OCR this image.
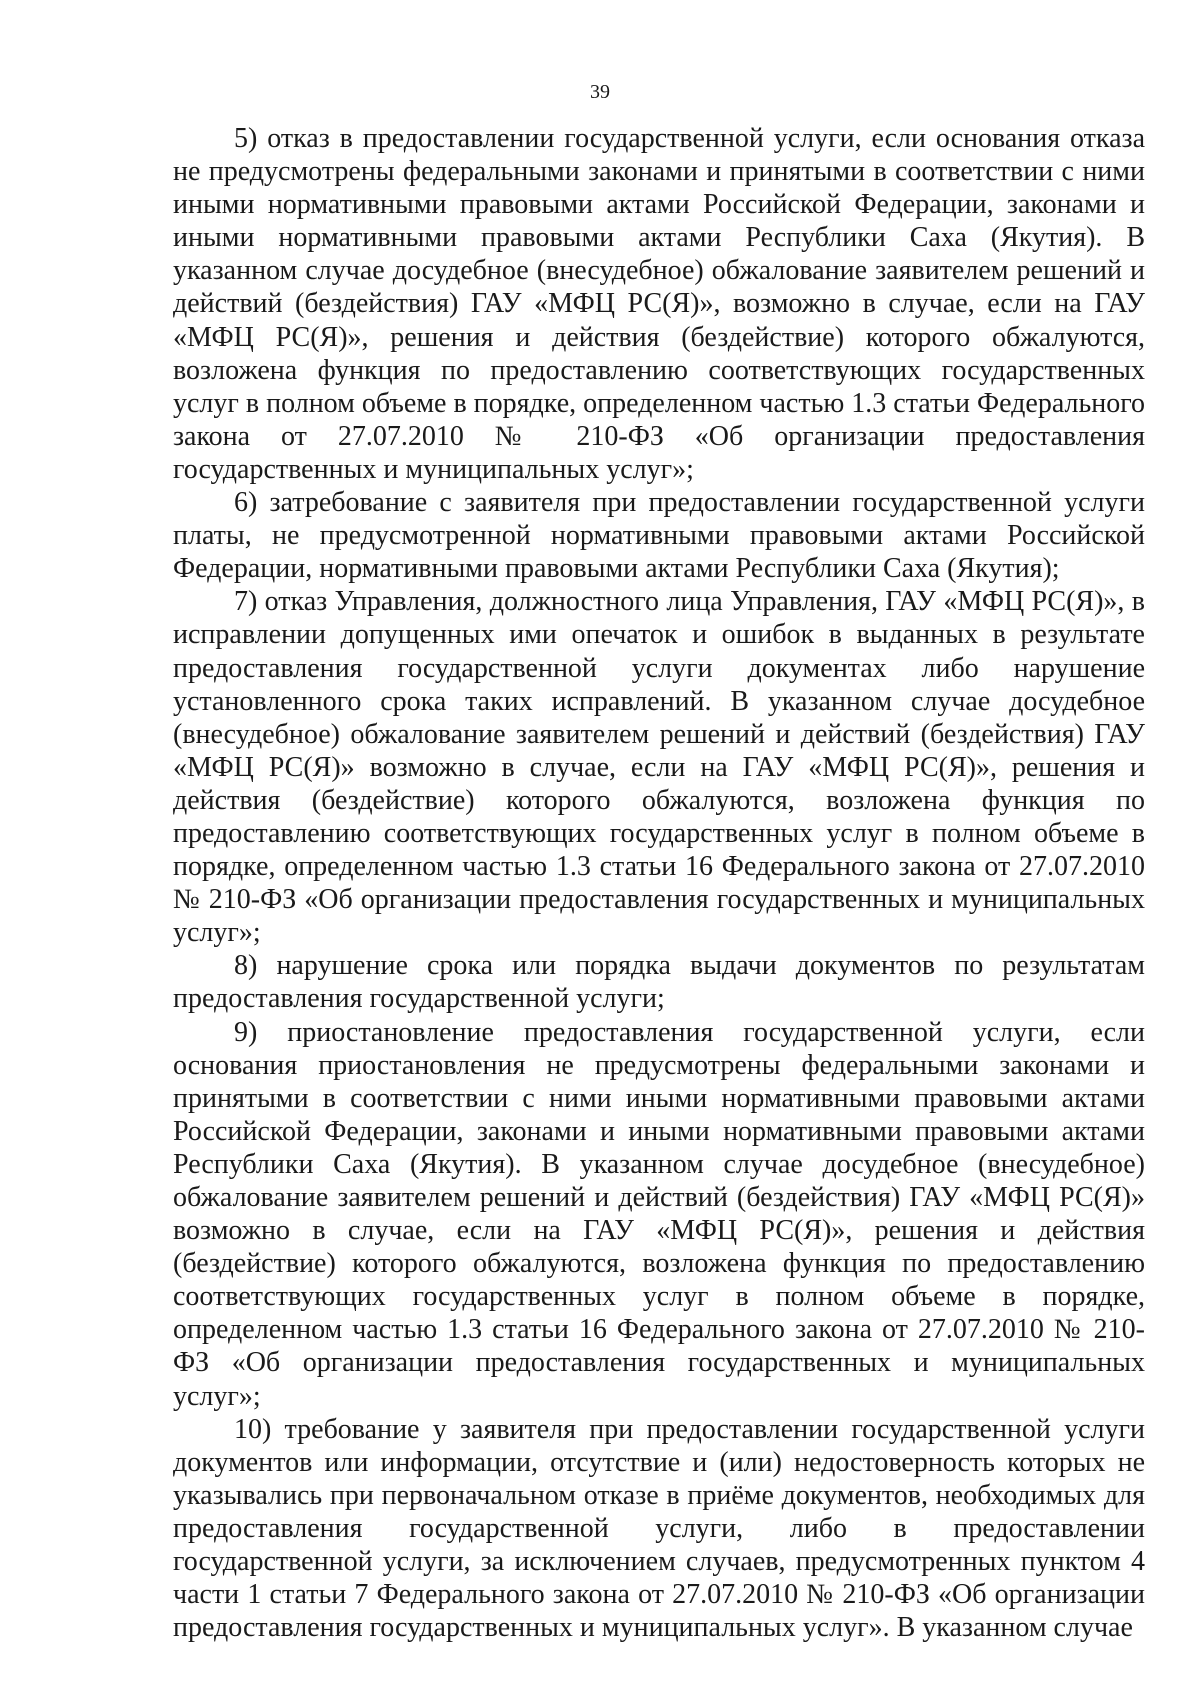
39

5) отказ в предоставлении государственной услуги, если основания отказа не предусмотрены федеральными законами и принятыми в соответствии с ними иными нормативными правовыми актами Российской Федерации, законами и иными нормативными правовыми актами Республики Саха (Якутия). В указанном случае досудебное (внесудебное) обжалование заявителем решений и действий (бездействия) ГАУ «МФЦ РС(Я)», возможно в случае, если на ГАУ «МФЦ РС(Я)», решения и действия (бездействие) которого обжалуются, возложена функция по предоставлению соответствующих государственных услуг в полном объеме в порядке, определенном частью 1.3 статьи Федерального закона от 27.07.2010 № 210-ФЗ «Об организации предоставления государственных и муниципальных услуг»;

6) затребование с заявителя при предоставлении государственной услуги платы, не предусмотренной нормативными правовыми актами Российской Федерации, нормативными правовыми актами Республики Саха (Якутия);

7) отказ Управления, должностного лица Управления, ГАУ «МФЦ РС(Я)», в исправлении допущенных ими опечаток и ошибок в выданных в результате предоставления государственной услуги документах либо нарушение установленного срока таких исправлений. В указанном случае досудебное (внесудебное) обжалование заявителем решений и действий (бездействия) ГАУ «МФЦ РС(Я)» возможно в случае, если на ГАУ «МФЦ РС(Я)», решения и действия (бездействие) которого обжалуются, возложена функция по предоставлению соответствующих государственных услуг в полном объеме в порядке, определенном частью 1.3 статьи 16 Федерального закона от 27.07.2010 № 210-ФЗ «Об организации предоставления государственных и муниципальных услуг»;

8) нарушение срока или порядка выдачи документов по результатам предоставления государственной услуги;

9) приостановление предоставления государственной услуги, если основания приостановления не предусмотрены федеральными законами и принятыми в соответствии с ними иными нормативными правовыми актами Российской Федерации, законами и иными нормативными правовыми актами Республики Саха (Якутия). В указанном случае досудебное (внесудебное) обжалование заявителем решений и действий (бездействия) ГАУ «МФЦ РС(Я)» возможно в случае, если на ГАУ «МФЦ РС(Я)», решения и действия (бездействие) которого обжалуются, возложена функция по предоставлению соответствующих государственных услуг в полном объеме в порядке, определенном частью 1.3 статьи 16 Федерального закона от 27.07.2010 № 210-ФЗ «Об организации предоставления государственных и муниципальных услуг»;

10) требование у заявителя при предоставлении государственной услуги документов или информации, отсутствие и (или) недостоверность которых не указывались при первоначальном отказе в приёме документов, необходимых для предоставления государственной услуги, либо в предоставлении государственной услуги, за исключением случаев, предусмотренных пунктом 4 части 1 статьи 7 Федерального закона от 27.07.2010 № 210-ФЗ «Об организации предоставления государственных и муниципальных услуг». В указанном случае
